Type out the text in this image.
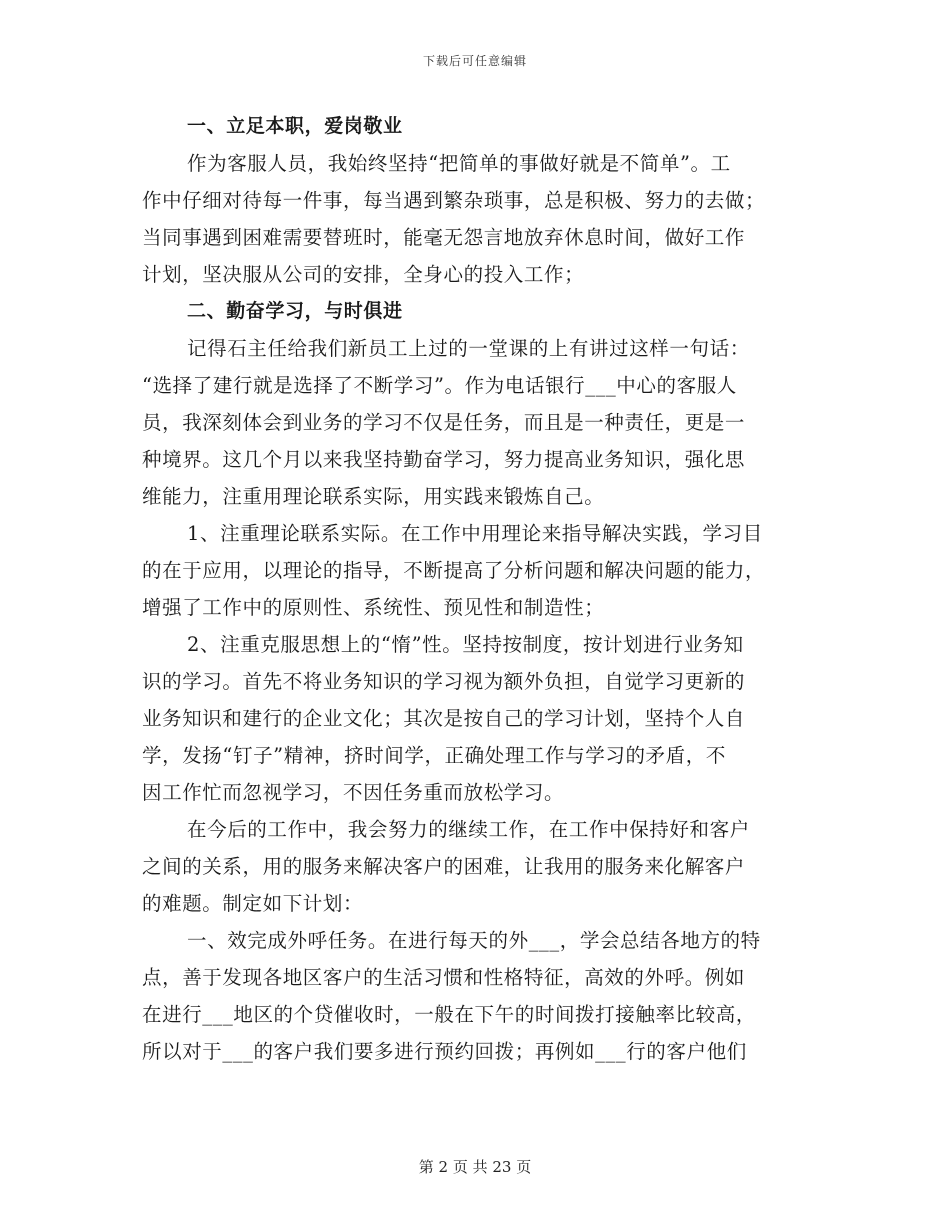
下载后可任意编辑
一、立足本职，爱岗敬业
作为客服人员，我始终坚持“把简单的事做好就是不简单”。工
作中仔细对待每一件事，每当遇到繁杂琐事，总是积极、努力的去做；
当同事遇到困难需要替班时，能毫无怨言地放弃休息时间，做好工作
计划，坚决服从公司的安排，全身心的投入工作；
二、勤奋学习，与时俱进
记得石主任给我们新员工上过的一堂课的上有讲过这样一句话：
“选择了建行就是选择了不断学习”。作为电话银行___中心的客服人
员，我深刻体会到业务的学习不仅是任务，而且是一种责任，更是一
种境界。这几个月以来我坚持勤奋学习，努力提高业务知识，强化思
维能力，注重用理论联系实际，用实践来锻炼自己。
1、注重理论联系实际。在工作中用理论来指导解决实践，学习目
的在于应用，以理论的指导，不断提高了分析问题和解决问题的能力，
增强了工作中的原则性、系统性、预见性和制造性；
2、注重克服思想上的“惰”性。坚持按制度，按计划进行业务知
识的学习。首先不将业务知识的学习视为额外负担，自觉学习更新的
业务知识和建行的企业文化；其次是按自己的学习计划，坚持个人自
学，发扬“钉子”精神，挤时间学，正确处理工作与学习的矛盾，不
因工作忙而忽视学习，不因任务重而放松学习。
在今后的工作中，我会努力的继续工作，在工作中保持好和客户
之间的关系，用的服务来解决客户的困难，让我用的服务来化解客户
的难题。制定如下计划：
一、效完成外呼任务。在进行每天的外___，学会总结各地方的特
点，善于发现各地区客户的生活习惯和性格特征，高效的外呼。例如
在进行___地区的个贷催收时，一般在下午的时间拨打接触率比较高，
所以对于___的客户我们要多进行预约回拨；再例如___行的客户他们
第 2 页 共 23 页
